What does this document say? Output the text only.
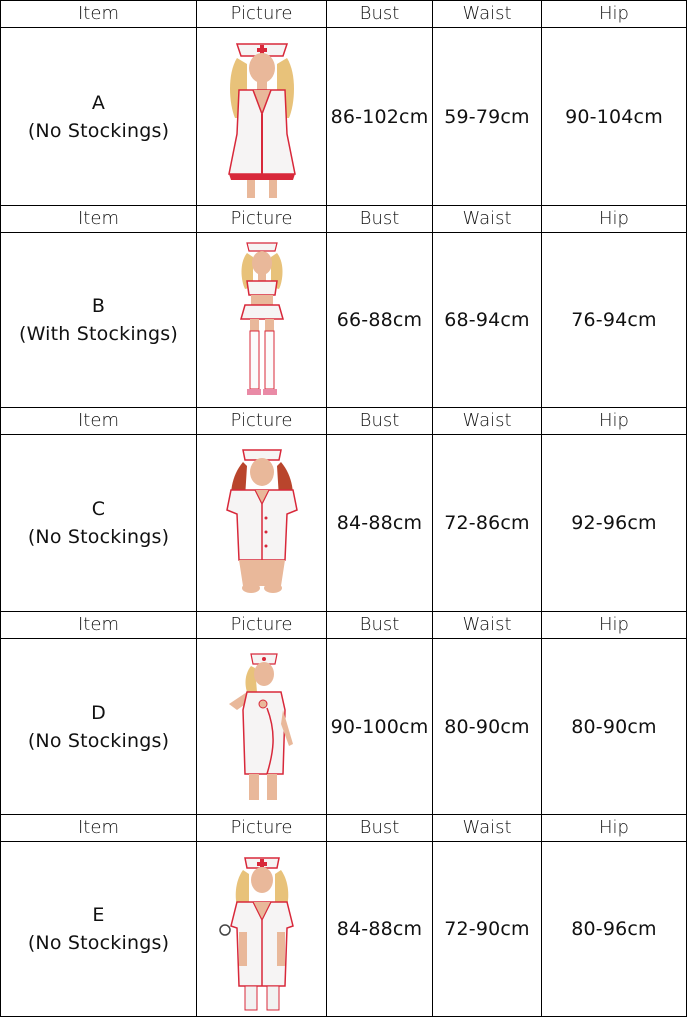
Item	Picture	Bust	Waist	Hip

A
(No Stockings)		86-102cm	59-79cm	90-104cm
Item	Picture	Bust	Waist	Hip

B
(With Stockings)		66-88cm	68-94cm	76-94cm
Item	Picture	Bust	Waist	Hip

C
(No Stockings)		84-88cm	72-86cm	92-96cm
Item	Picture	Bust	Waist	Hip

D
(No Stockings)		90-100cm	80-90cm	80-90cm
Item	Picture	Bust	Waist	Hip

E
(No Stockings)		84-88cm	72-90cm	80-96cm
